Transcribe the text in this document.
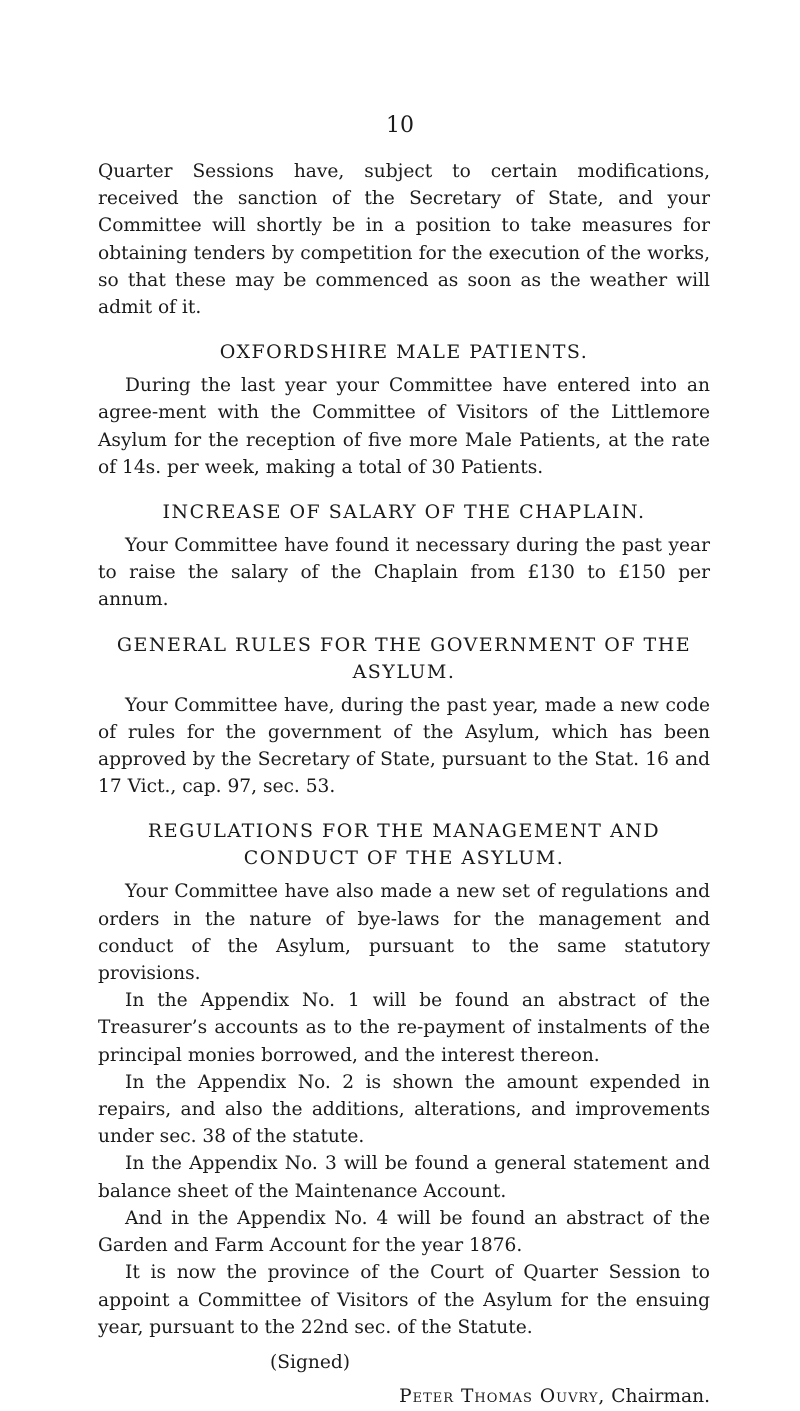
10

Quarter Sessions have, subject to certain modifications, received the sanction of the Secretary of State, and your Committee will shortly be in a position to take measures for obtaining tenders by competition for the execution of the works, so that these may be commenced as soon as the weather will admit of it.

OXFORDSHIRE MALE PATIENTS.

During the last year your Committee have entered into an agree-ment with the Committee of Visitors of the Littlemore Asylum for the reception of five more Male Patients, at the rate of 14s. per week, making a total of 30 Patients.

INCREASE OF SALARY OF THE CHAPLAIN.

Your Committee have found it necessary during the past year to raise the salary of the Chaplain from £130 to £150 per annum.

GENERAL RULES FOR THE GOVERNMENT OF THE ASYLUM.

Your Committee have, during the past year, made a new code of rules for the government of the Asylum, which has been approved by the Secretary of State, pursuant to the Stat. 16 and 17 Vict., cap. 97, sec. 53.

REGULATIONS FOR THE MANAGEMENT AND CONDUCT OF THE ASYLUM.

Your Committee have also made a new set of regulations and orders in the nature of bye-laws for the management and conduct of the Asylum, pursuant to the same statutory provisions.

In the Appendix No. 1 will be found an abstract of the Treasurer’s accounts as to the re-payment of instalments of the principal monies borrowed, and the interest thereon.

In the Appendix No. 2 is shown the amount expended in repairs, and also the additions, alterations, and improvements under sec. 38 of the statute.

In the Appendix No. 3 will be found a general statement and balance sheet of the Maintenance Account.

And in the Appendix No. 4 will be found an abstract of the Garden and Farm Account for the year 1876.

It is now the province of the Court of Quarter Session to appoint a Committee of Visitors of the Asylum for the ensuing year, pursuant to the 22nd sec. of the Statute.

(Signed)
Peter Thomas Ouvry, Chairman.
